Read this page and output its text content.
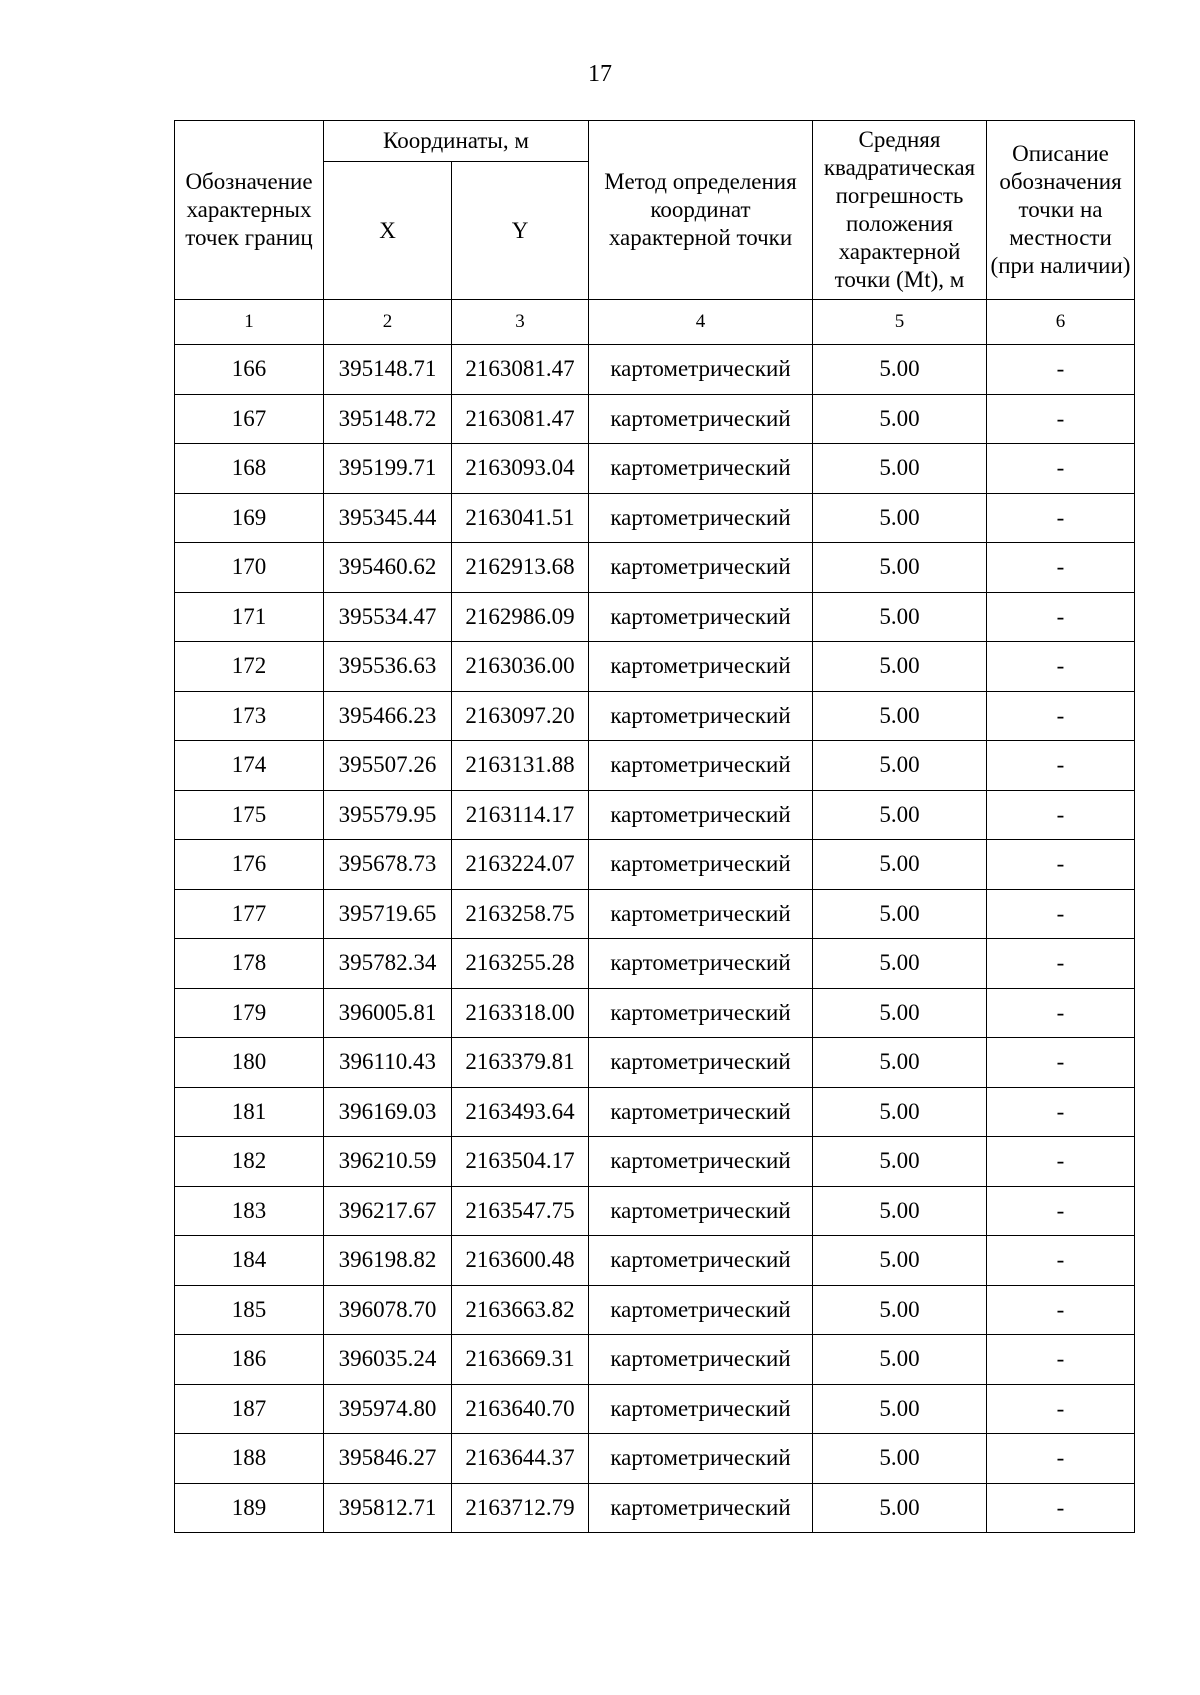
17
Обозначение характерных точек границ	Координаты, м		Метод определения координат характерной точки	Средняя квадратическая погрешность положения характерной точки (Mt), м	Описание обозначения точки на местности (при наличии)
	X	Y			
1	2	3	4	5	6
166	395148.71	2163081.47	картометрический	5.00	-
167	395148.72	2163081.47	картометрический	5.00	-
168	395199.71	2163093.04	картометрический	5.00	-
169	395345.44	2163041.51	картометрический	5.00	-
170	395460.62	2162913.68	картометрический	5.00	-
171	395534.47	2162986.09	картометрический	5.00	-
172	395536.63	2163036.00	картометрический	5.00	-
173	395466.23	2163097.20	картометрический	5.00	-
174	395507.26	2163131.88	картометрический	5.00	-
175	395579.95	2163114.17	картометрический	5.00	-
176	395678.73	2163224.07	картометрический	5.00	-
177	395719.65	2163258.75	картометрический	5.00	-
178	395782.34	2163255.28	картометрический	5.00	-
179	396005.81	2163318.00	картометрический	5.00	-
180	396110.43	2163379.81	картометрический	5.00	-
181	396169.03	2163493.64	картометрический	5.00	-
182	396210.59	2163504.17	картометрический	5.00	-
183	396217.67	2163547.75	картометрический	5.00	-
184	396198.82	2163600.48	картометрический	5.00	-
185	396078.70	2163663.82	картометрический	5.00	-
186	396035.24	2163669.31	картометрический	5.00	-
187	395974.80	2163640.70	картометрический	5.00	-
188	395846.27	2163644.37	картометрический	5.00	-
189	395812.71	2163712.79	картометрический	5.00	-
